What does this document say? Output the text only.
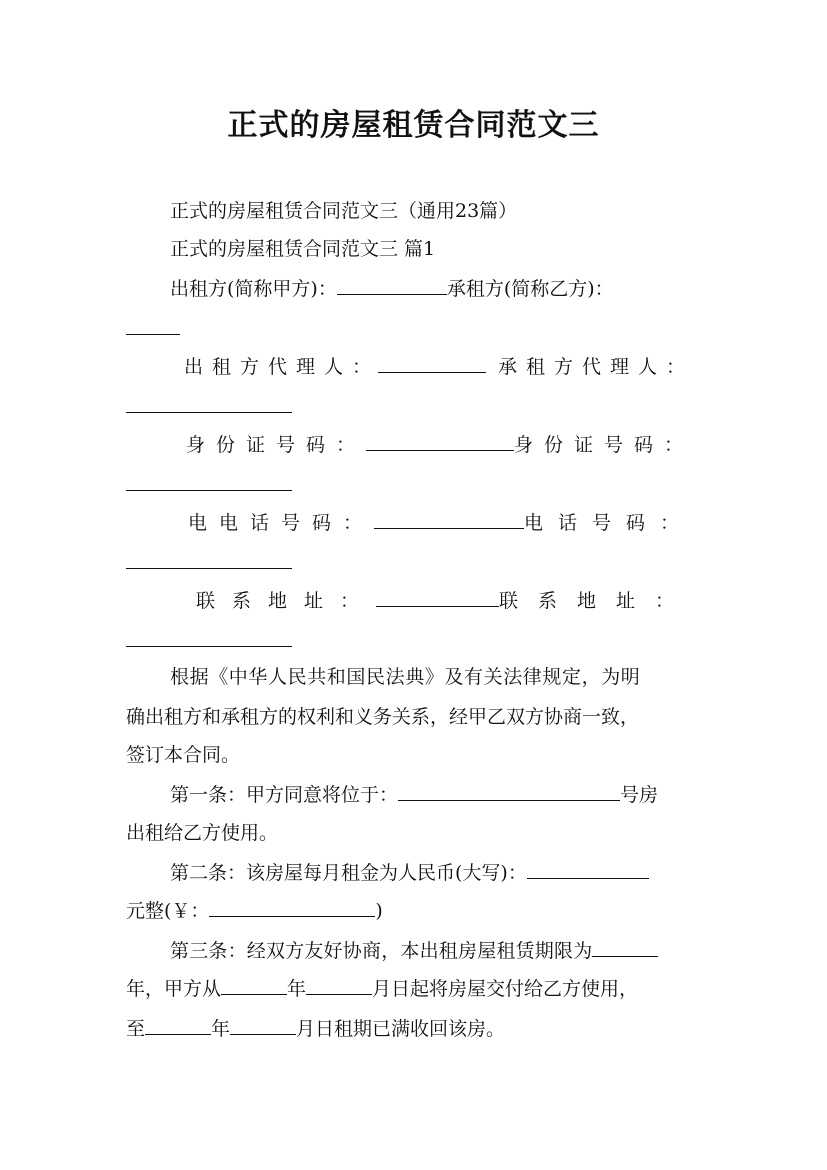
正式的房屋租赁合同范文三
正式的房屋租赁合同范文三（通用23篇）
正式的房屋租赁合同范文三 篇1
出租方(简称甲方)：	承租方(简称乙方)：
出租方代理人：	承租方代理人：
身份证号码：	身份证号码：
电电话号码：	电话号码：
联系地址：	联系地址：
根据《中华人民共和国民法典》及有关法律规定，为明
确出租方和承租方的权利和义务关系，经甲乙双方协商一致，
签订本合同。
第一条：甲方同意将位于：	号房
出租给乙方使用。
第二条：该房屋每月租金为人民币(大写)：
元整(￥：	)
第三条：经双方友好协商，本出租房屋租赁期限为
年，甲方从	年	月日起将房屋交付给乙方使用，
至	年	月日租期已满收回该房。
